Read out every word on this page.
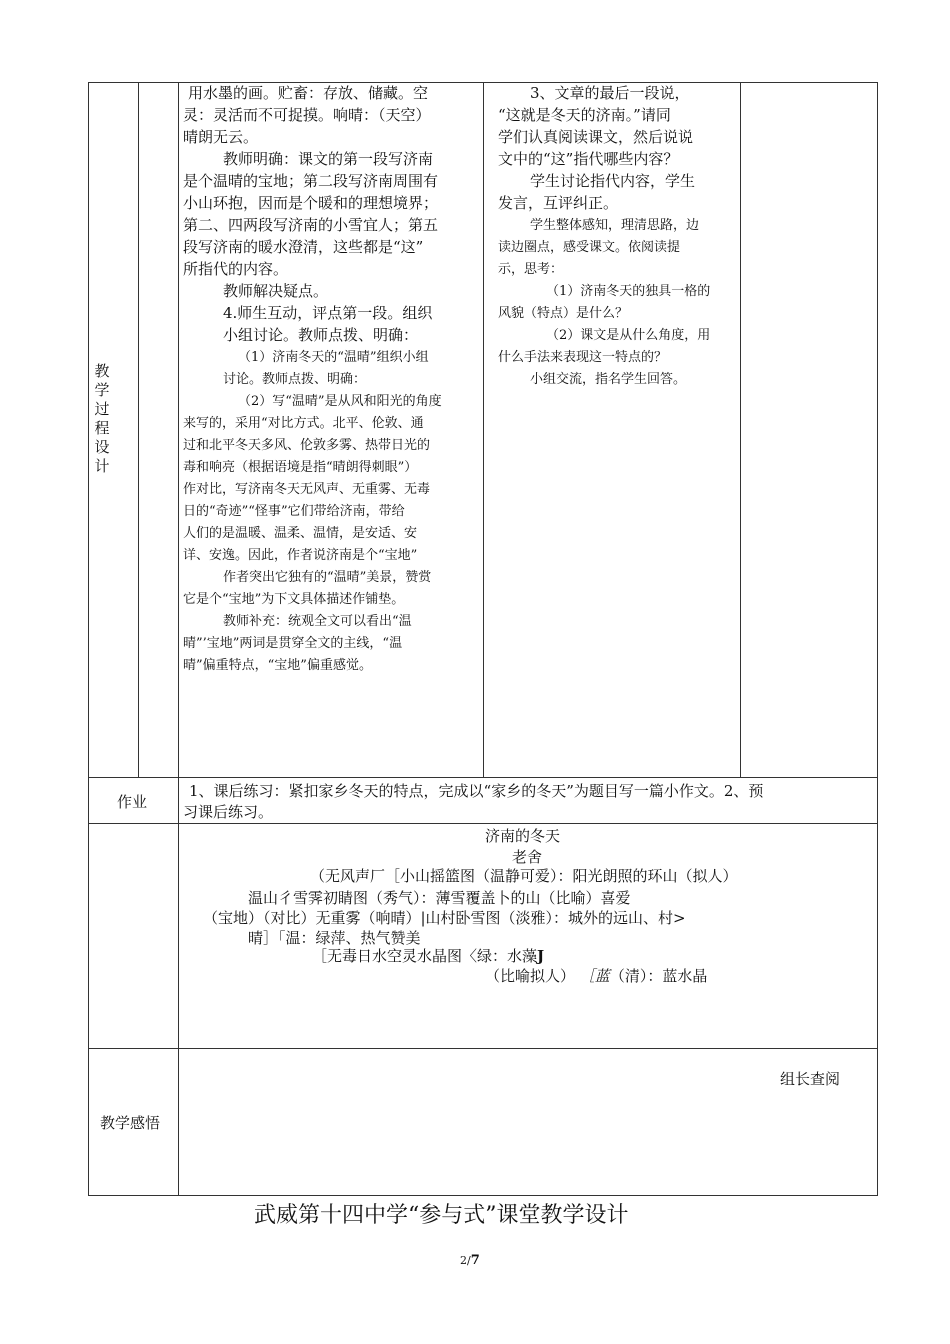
教学过程设计
作业
教学感悟
用水墨的画。贮畜：存放、储藏。空
灵：灵活而不可捉摸。响晴：（天空）
晴朗无云。
教师明确：课文的第一段写济南
是个温晴的宝地；第二段写济南周围有
小山环抱，因而是个暖和的理想境界；
第二、四两段写济南的小雪宜人；第五
段写济南的暖水澄清，这些都是“这”
所指代的内容。
教师解决疑点。
4.师生互动，评点第一段。组织
小组讨论。教师点拨、明确：
（1）济南冬天的“温晴”组织小组
讨论。教师点拨、明确：
（2）写“温晴”是从风和阳光的角度
来写的，采用“对比方式。北平、伦敦、通
过和北平冬天多风、伦敦多雾、热带日光的
毒和响亮（根据语境是指“晴朗得刺眼”）
作对比，写济南冬天无风声、无重雾、无毒
日的“奇迹”“怪事”它们带给济南，带给
人们的是温暖、温柔、温情，是安适、安
详、安逸。因此，作者说济南是个“宝地”
作者突出它独有的“温晴”美景，赞赏
它是个“宝地”为下文具体描述作铺垫。
教师补充：统观全文可以看出“温
晴”’宝地”两词是贯穿全文的主线，“温
晴”偏重特点，“宝地”偏重感觉。
3、文章的最后一段说，
“这就是冬天的济南。”请同
学们认真阅读课文，然后说说
文中的“这”指代哪些内容？
学生讨论指代内容，学生
发言，互评纠正。
学生整体感知，理清思路，边
读边圈点，感受课文。依阅读提
示，思考：
（1）济南冬天的独具一格的
风貌（特点）是什么？
（2）课文是从什么角度，用
什么手法来表现这一特点的？
小组交流，指名学生回答。
1、课后练习：紧扣家乡冬天的特点，完成以“家乡的冬天”为题目写一篇小作文。2、预
习课后练习。
济南的冬天
老舍
（无风声厂［小山摇篮图（温静可爱）：阳光朗照的环山（拟人）
温山彳雪霁初睛图（秀气）：薄雪覆盖卜的山（比喻）喜爱
（宝地）（对比）无重雾（响晴）|山村卧雪图（淡雅）：城外的远山、村>
晴］「温：绿萍、热气赞美
［无毒日水空灵水晶图〈绿：水藻J
（比喻拟人） ［蓝（清）：蓝水晶
组长查阅
武威第十四中学“参与式”课堂教学设计
2/7
